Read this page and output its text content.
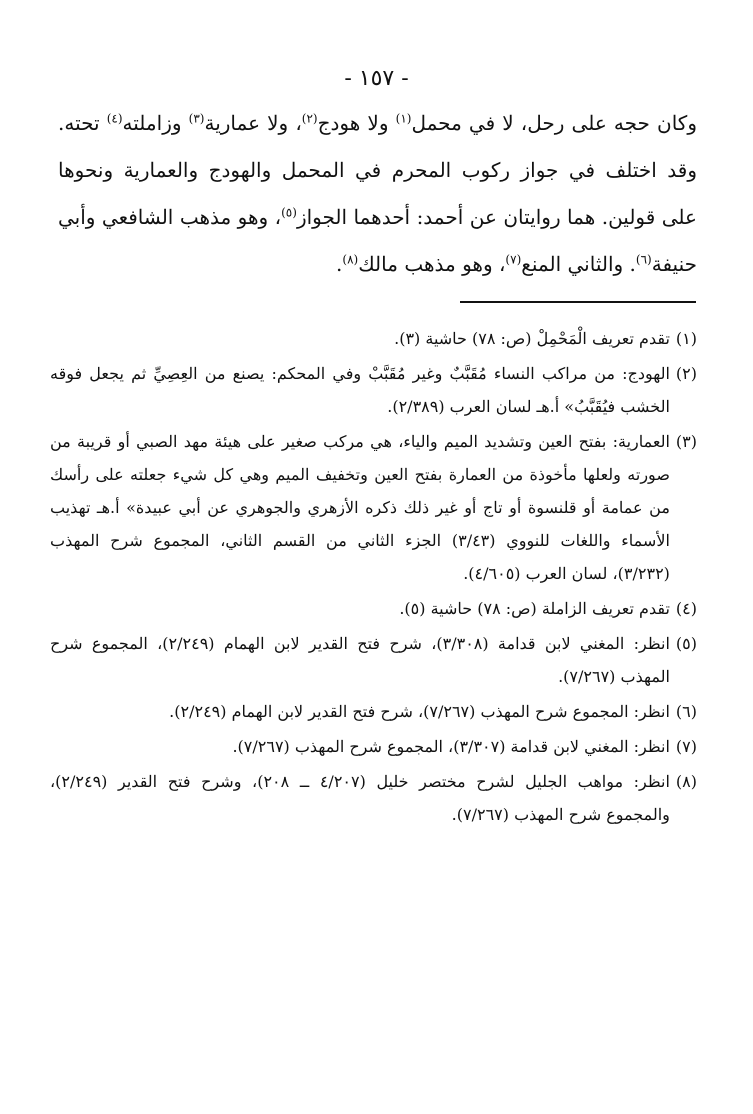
- ١٥٧ -

وكان حجه على رحل، لا في محمل$^{(١)}$ ولا هودج$^{(٢)}$، ولا عمارية$^{(٣)}$ وزاملته$^{(٤)}$ تحته. وقد اختلف في جواز ركوب المحرم في المحمل والهودج والعمارية ونحوها على قولين. هما روايتان عن أحمد: أحدهما الجواز$^{(٥)}$، وهو مذهب الشافعي وأبي حنيفة$^{(٦)}$. والثاني المنع$^{(٧)}$، وهو مذهب مالك$^{(٨)}$.

(١)
تقدم تعريف الْمَحْمِلْ (ص: ٧٨) حاشية (٣).
(٢)
الهودج: من مراكب النساء مُقَبَّبٌ وغير مُقَبَّبْ وفي المحكم: يصنع من العِصِيِّ ثم يجعل فوقه الخشب فيُقَبَّبُ» أ.هـ لسان العرب (٢/٣٨٩).
(٣)
العمارية: بفتح العين وتشديد الميم والياء، هي مركب صغير على هيئة مهد الصبي أو قريبة من صورته ولعلها مأخوذة من العمارة بفتح العين وتخفيف الميم وهي كل شيء جعلته على رأسك من عمامة أو قلنسوة أو تاج أو غير ذلك ذكره الأزهري والجوهري عن أبي عبيدة» أ.هـ تهذيب الأسماء واللغات للنووي (٣/٤٣) الجزء الثاني من القسم الثاني، المجموع شرح المهذب (٣/٢٣٢)، لسان العرب (٤/٦٠٥).
(٤)
تقدم تعريف الزاملة (ص: ٧٨) حاشية (٥).
(٥)
انظر: المغني لابن قدامة (٣/٣٠٨)، شرح فتح القدير لابن الهمام (٢/٢٤٩)، المجموع شرح المهذب (٧/٢٦٧).
(٦)
انظر: المجموع شرح المهذب (٧/٢٦٧)، شرح فتح القدير لابن الهمام (٢/٢٤٩).
(٧)
انظر: المغني لابن قدامة (٣/٣٠٧)، المجموع شرح المهذب (٧/٢٦٧).
(٨)
انظر: مواهب الجليل لشرح مختصر خليل (٤/٢٠٧ ــ ٢٠٨)، وشرح فتح القدير (٢/٢٤٩)، والمجموع شرح المهذب (٧/٢٦٧).
